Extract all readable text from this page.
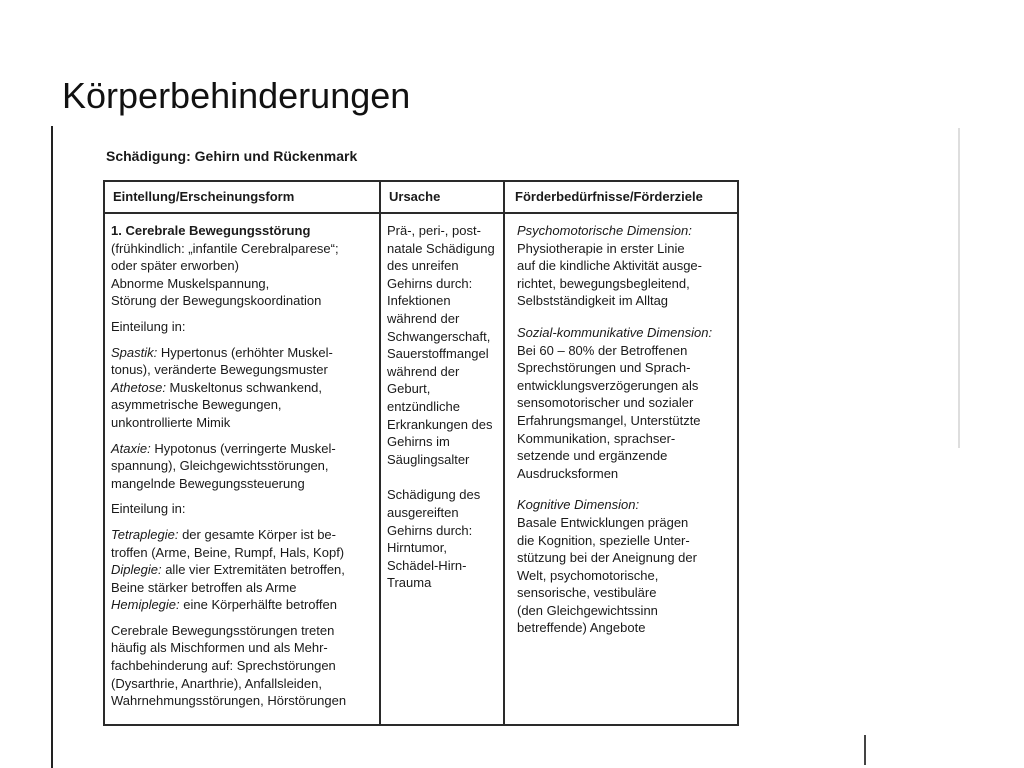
Körperbehinderungen
Schädigung: Gehirn und Rückenmark
Eintellung/Erscheinungsform	Ursache	Förderbedürfnisse/Förderziele

1. Cerebrale Bewegungsstörung

(frühkindlich: „infantile Cerebralparese“;

oder später erworben)

Abnorme Muskelspannung,

Störung der Bewegungskoordination

Einteilung in:

Spastik: Hypertonus (erhöhter Muskel-

tonus), veränderte Bewegungsmuster

Athetose: Muskeltonus schwankend,

asymmetrische Bewegungen,

unkontrollierte Mimik

Ataxie: Hypotonus (verringerte Muskel-

spannung), Gleichgewichtsstörungen,

mangelnde Bewegungssteuerung

Einteilung in:

Tetraplegie: der gesamte Körper ist be-

troffen (Arme, Beine, Rumpf, Hals, Kopf)

Diplegie: alle vier Extremitäten betroffen,

Beine stärker betroffen als Arme

Hemiplegie: eine Körperhälfte betroffen

Cerebrale Bewegungsstörungen treten

häufig als Mischformen und als Mehr-

fachbehinderung auf: Sprechstörungen

(Dysarthrie, Anarthrie), Anfallsleiden,

Wahrnehmungsstörungen, Hörstörungen

Prä-, peri-, post-

natale Schädigung

des unreifen

Gehirns durch:

Infektionen

während der

Schwangerschaft,

Sauerstoffmangel

während der

Geburt,

entzündliche

Erkrankungen des

Gehirns im

Säuglingsalter

Schädigung des

ausgereiften

Gehirns durch:

Hirntumor,

Schädel-Hirn-

Trauma

Psychomotorische Dimension:

Physiotherapie in erster Linie

auf die kindliche Aktivität ausge-

richtet, bewegungsbegleitend,

Selbstständigkeit im Alltag

Sozial-kommunikative Dimension:

Bei 60 – 80% der Betroffenen

Sprechstörungen und Sprach-

entwicklungsverzögerungen als

sensomotorischer und sozialer

Erfahrungsmangel, Unterstützte

Kommunikation, sprachser-

setzende und ergänzende

Ausdrucksformen

Kognitive Dimension:

Basale Entwicklungen prägen

die Kognition, spezielle Unter-

stützung bei der Aneignung der

Welt, psychomotorische,

sensorische, vestibuläre

(den Gleichgewichtssinn

betreffende) Angebote
